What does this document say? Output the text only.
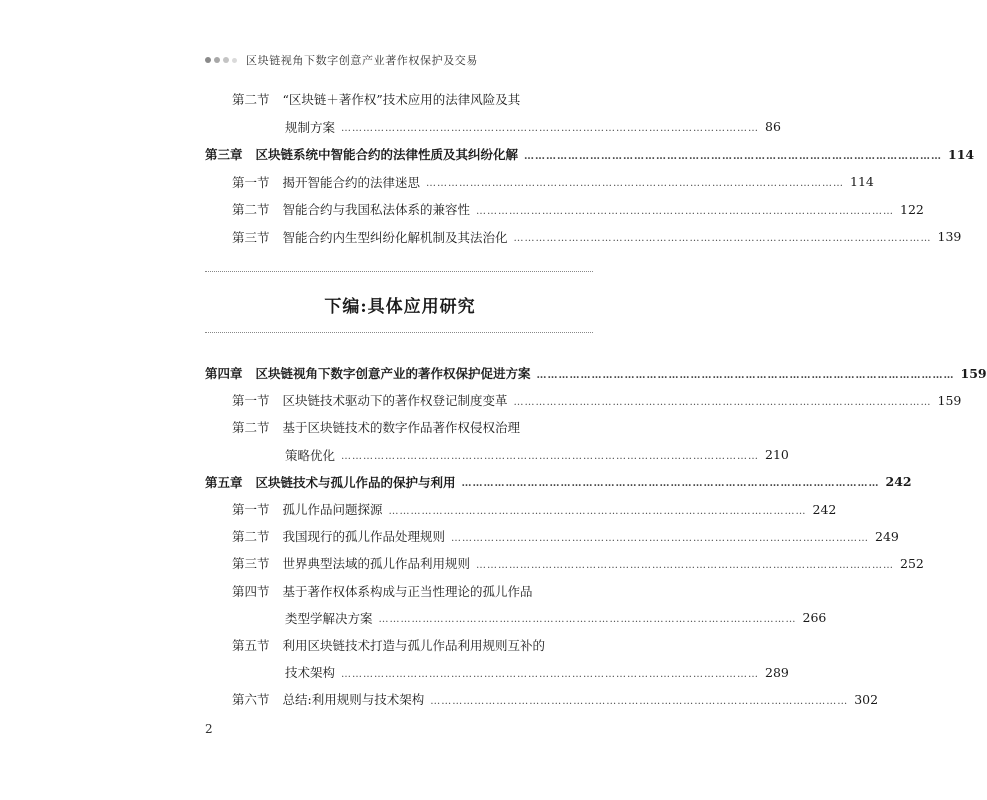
区块链视角下数字创意产业著作权保护及交易
第二节 “区块链＋著作权”技术应用的法律风险及其
规制方案 …………………………………………………………………………………………………… 86
第三章 区块链系统中智能合约的法律性质及其纠纷化解 …………………………………………………………………………………………………… 114
第一节 揭开智能合约的法律迷思 …………………………………………………………………………………………………… 114
第二节 智能合约与我国私法体系的兼容性 …………………………………………………………………………………………………… 122
第三节 智能合约内生型纠纷化解机制及其法治化 …………………………………………………………………………………………………… 139
下编:具体应用研究
第四章 区块链视角下数字创意产业的著作权保护促进方案 …………………………………………………………………………………………………… 159
第一节 区块链技术驱动下的著作权登记制度变革 …………………………………………………………………………………………………… 159
第二节 基于区块链技术的数字作品著作权侵权治理
策略优化 …………………………………………………………………………………………………… 210
第五章 区块链技术与孤儿作品的保护与利用 …………………………………………………………………………………………………… 242
第一节 孤儿作品问题探源 …………………………………………………………………………………………………… 242
第二节 我国现行的孤儿作品处理规则 …………………………………………………………………………………………………… 249
第三节 世界典型法域的孤儿作品利用规则 …………………………………………………………………………………………………… 252
第四节 基于著作权体系构成与正当性理论的孤儿作品
类型学解决方案 …………………………………………………………………………………………………… 266
第五节 利用区块链技术打造与孤儿作品利用规则互补的
技术架构 …………………………………………………………………………………………………… 289
第六节 总结:利用规则与技术架构 …………………………………………………………………………………………………… 302
2
